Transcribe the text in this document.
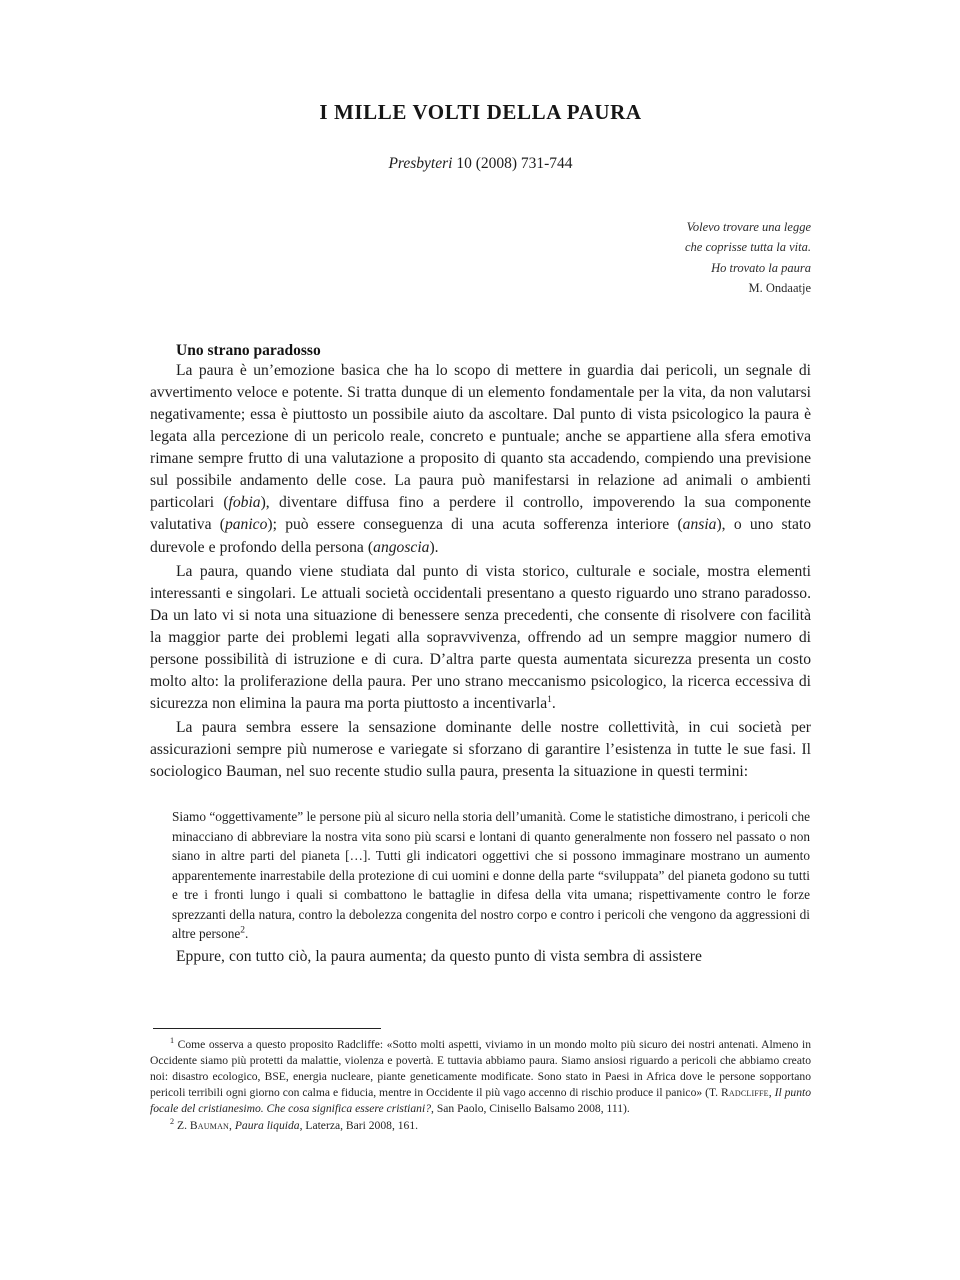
I MILLE VOLTI DELLA PAURA

Presbyteri 10 (2008) 731-744

Volevo trovare una legge
che coprisse tutta la vita.
Ho trovato la paura
M. Ondaatje
Uno strano paradosso

La paura è un’emozione basica che ha lo scopo di mettere in guardia dai pericoli, un segnale di avvertimento veloce e potente. Si tratta dunque di un elemento fondamentale per la vita, da non valutarsi negativamente; essa è piuttosto un possibile aiuto da ascoltare. Dal punto di vista psicologico la paura è legata alla percezione di un pericolo reale, concreto e puntuale; anche se appartiene alla sfera emotiva rimane sempre frutto di una valutazione a proposito di quanto sta accadendo, compiendo una previsione sul possibile andamento delle cose. La paura può manifestarsi in relazione ad animali o ambienti particolari (fobia), diventare diffusa fino a perdere il controllo, impoverendo la sua componente valutativa (panico); può essere conseguenza di una acuta sofferenza interiore (ansia), o uno stato durevole e profondo della persona (angoscia).

La paura, quando viene studiata dal punto di vista storico, culturale e sociale, mostra elementi interessanti e singolari. Le attuali società occidentali presentano a questo riguardo uno strano paradosso. Da un lato vi si nota una situazione di benessere senza precedenti, che consente di risolvere con facilità la maggior parte dei problemi legati alla sopravvivenza, offrendo ad un sempre maggior numero di persone possibilità di istruzione e di cura. D’altra parte questa aumentata sicurezza presenta un costo molto alto: la proliferazione della paura. Per uno strano meccanismo psicologico, la ricerca eccessiva di sicurezza non elimina la paura ma porta piuttosto a incentivarla$^1$.

La paura sembra essere la sensazione dominante delle nostre collettività, in cui società per assicurazioni sempre più numerose e variegate si sforzano di garantire l’esistenza in tutte le sue fasi. Il sociologico Bauman, nel suo recente studio sulla paura, presenta la situazione in questi termini:

Siamo “oggettivamente” le persone più al sicuro nella storia dell’umanità. Come le statistiche dimostrano, i pericoli che minacciano di abbreviare la nostra vita sono più scarsi e lontani di quanto generalmente non fossero nel passato o non siano in altre parti del pianeta […]. Tutti gli indicatori oggettivi che si possono immaginare mostrano un aumento apparentemente inarrestabile della protezione di cui uomini e donne della parte “sviluppata” del pianeta godono su tutti e tre i fronti lungo i quali si combattono le battaglie in difesa della vita umana; rispettivamente contro le forze sprezzanti della natura, contro la debolezza congenita del nostro corpo e contro i pericoli che vengono da aggressioni di altre persone$^2$.

Eppure, con tutto ciò, la paura aumenta; da questo punto di vista sembra di assistere

$^1$ Come osserva a questo proposito Radcliffe: «Sotto molti aspetti, viviamo in un mondo molto più sicuro dei nostri antenati. Almeno in Occidente siamo più protetti da malattie, violenza e povertà. E tuttavia abbiamo paura. Siamo ansiosi riguardo a pericoli che abbiamo creato noi: disastro ecologico, BSE, energia nucleare, piante geneticamente modificate. Sono stato in Paesi in Africa dove le persone sopportano pericoli terribili ogni giorno con calma e fiducia, mentre in Occidente il più vago accenno di rischio produce il panico» (T. Radcliffe, Il punto focale del cristianesimo. Che cosa significa essere cristiani?, San Paolo, Cinisello Balsamo 2008, 111).

$^2$ Z. Bauman, Paura liquida, Laterza, Bari 2008, 161.
